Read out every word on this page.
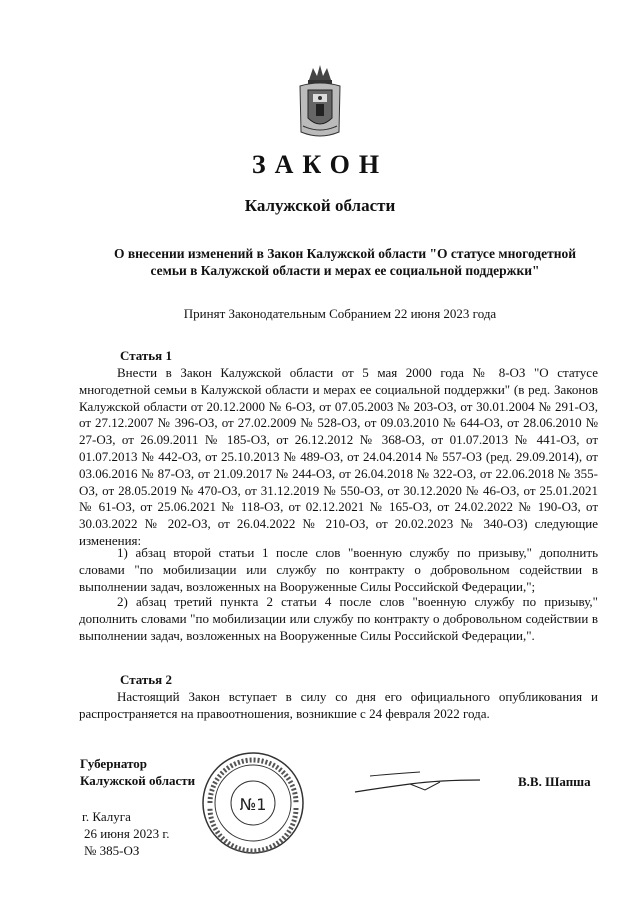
ЗАКОН
Калужской области
О внесении изменений в Закон Калужской области "О статусе многодетной
семьи в Калужской области и мерах ее социальной поддержки"
Принят Законодательным Собранием 22 июня 2023 года
Статья 1

Внести в Закон Калужской области от 5 мая 2000 года № 8-ОЗ "О статусе многодетной семьи в Калужской области и мерах ее социальной поддержки" (в ред. Законов Калужской области от 20.12.2000 № 6-ОЗ, от 07.05.2003 № 203-ОЗ, от 30.01.2004 № 291-ОЗ, от 27.12.2007 № 396-ОЗ, от 27.02.2009 № 528-ОЗ, от 09.03.2010 № 644-ОЗ, от 28.06.2010 № 27-ОЗ, от 26.09.2011 № 185-ОЗ, от 26.12.2012 № 368-ОЗ, от 01.07.2013 № 441-ОЗ, от 01.07.2013 № 442-ОЗ, от 25.10.2013 № 489-ОЗ, от 24.04.2014 № 557-ОЗ (ред. 29.09.2014), от 03.06.2016 № 87-ОЗ, от 21.09.2017 № 244-ОЗ, от 26.04.2018 № 322-ОЗ, от 22.06.2018 № 355-ОЗ, от 28.05.2019 № 470-ОЗ, от 31.12.2019 № 550-ОЗ, от 30.12.2020 № 46-ОЗ, от 25.01.2021 № 61-ОЗ, от 25.06.2021 № 118-ОЗ, от 02.12.2021 № 165-ОЗ, от 24.02.2022 № 190-ОЗ, от 30.03.2022 № 202-ОЗ, от 26.04.2022 № 210-ОЗ, от 20.02.2023 № 340-ОЗ) следующие изменения:

1) абзац второй статьи 1 после слов "военную службу по призыву," дополнить словами "по мобилизации или службу по контракту о добровольном содействии в выполнении задач, возложенных на Вооруженные Силы Российской Федерации,";

2) абзац третий пункта 2 статьи 4 после слов "военную службу по призыву," дополнить словами "по мобилизации или службу по контракту о добровольном содействии в выполнении задач, возложенных на Вооруженные Силы Российской Федерации,".

Статья 2

Настоящий Закон вступает в силу со дня его официального опубликования и распространяется на правоотношения, возникшие с 24 февраля 2022 года.

Губернатор
Калужской области
№1
В.В. Шапша
г. Калуга
26 июня 2023 г.
№ 385-ОЗ
